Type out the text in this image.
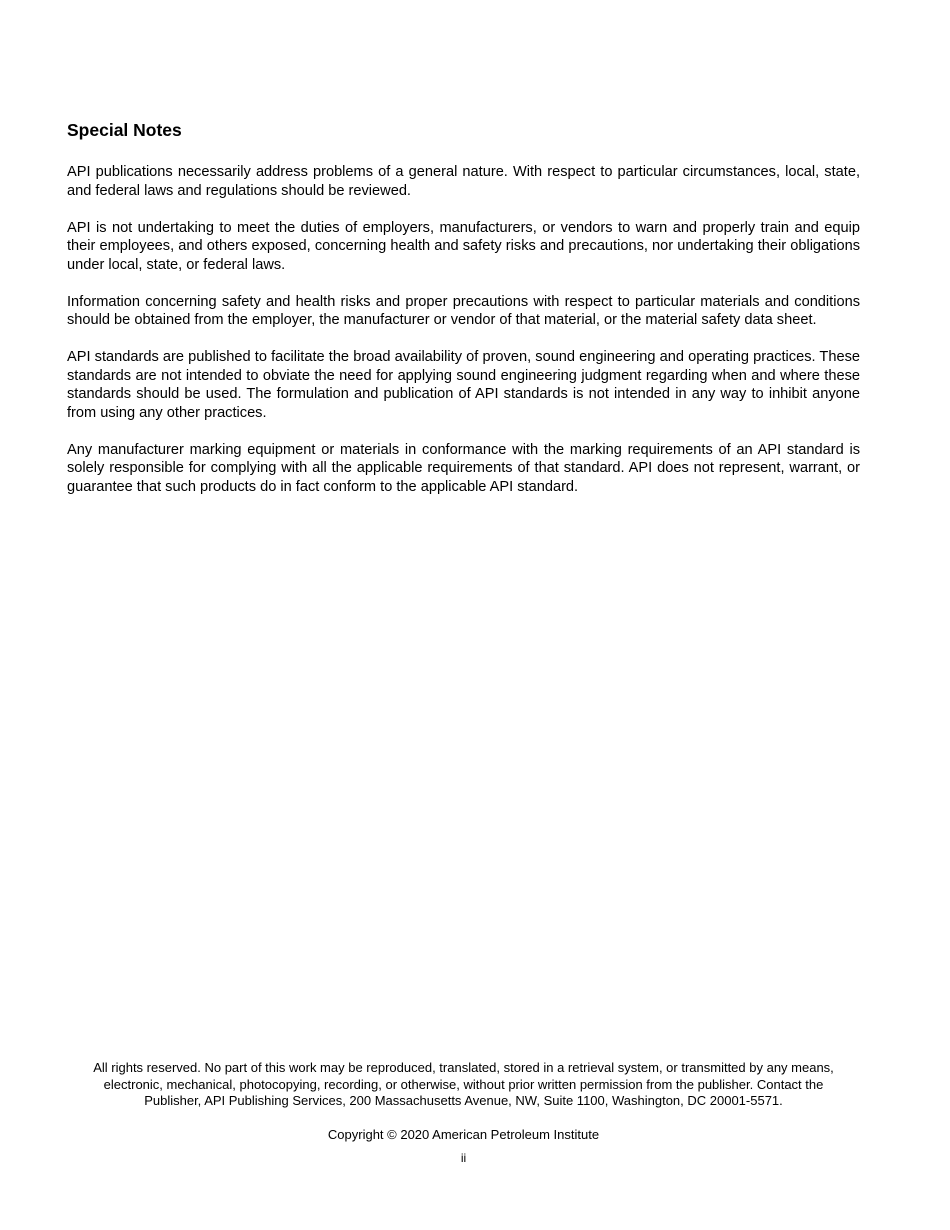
Special Notes

API publications necessarily address problems of a general nature. With respect to particular circumstances, local, state, and federal laws and regulations should be reviewed.

API is not undertaking to meet the duties of employers, manufacturers, or vendors to warn and properly train and equip their employees, and others exposed, concerning health and safety risks and precautions, nor undertaking their obligations under local, state, or federal laws.

Information concerning safety and health risks and proper precautions with respect to particular materials and conditions should be obtained from the employer, the manufacturer or vendor of that material, or the material safety data sheet.

API standards are published to facilitate the broad availability of proven, sound engineering and operating practices. These standards are not intended to obviate the need for applying sound engineering judgment regarding when and where these standards should be used. The formulation and publication of API standards is not intended in any way to inhibit anyone from using any other practices.

Any manufacturer marking equipment or materials in conformance with the marking requirements of an API standard is solely responsible for complying with all the applicable requirements of that standard. API does not represent, warrant, or guarantee that such products do in fact conform to the applicable API standard.

All rights reserved. No part of this work may be reproduced, translated, stored in a retrieval system, or transmitted by any means, electronic, mechanical, photocopying, recording, or otherwise, without prior written permission from the publisher. Contact the Publisher, API Publishing Services, 200 Massachusetts Avenue, NW, Suite 1100, Washington, DC 20001-5571.

Copyright © 2020 American Petroleum Institute

ii
